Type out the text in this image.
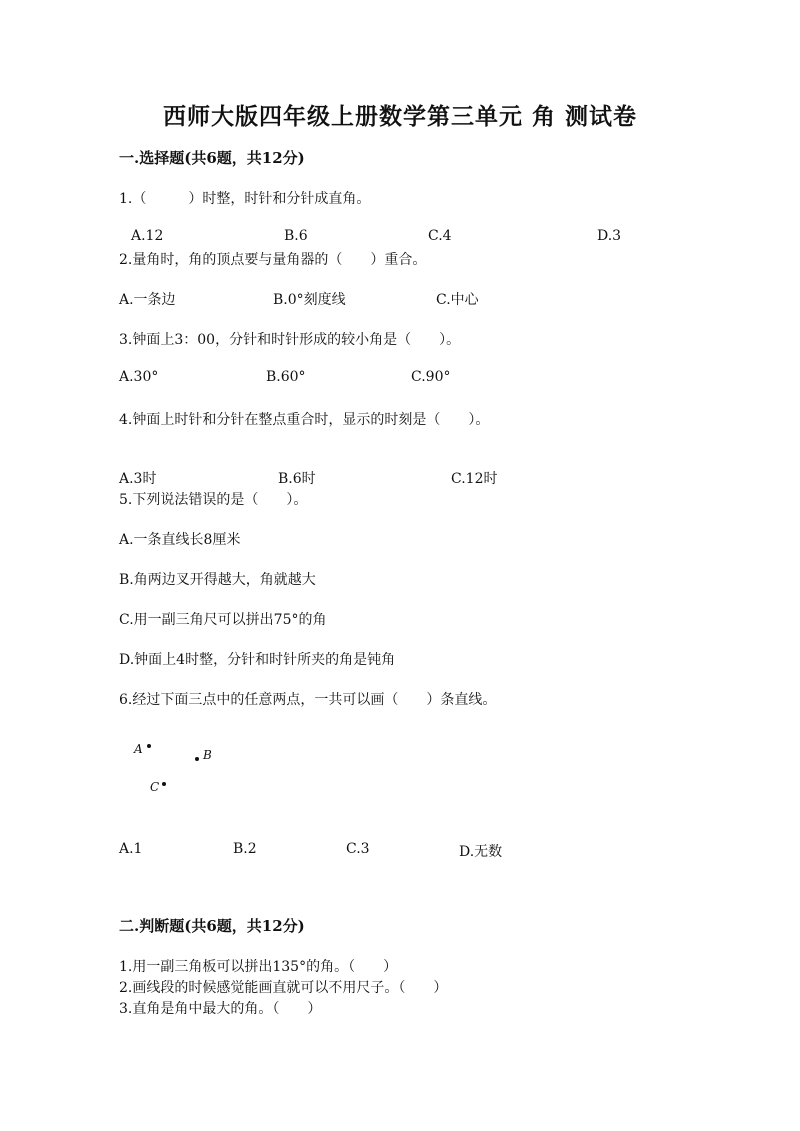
西师大版四年级上册数学第三单元 角 测试卷
一.选择题(共6题，共12分)
1.（　　　）时整，时针和分针成直角。
A.12	B.6	C.4	D.3
2.量角时，角的顶点要与量角器的（　　）重合。
A.一条边	B.0°刻度线	C.中心
3.钟面上3：00，分针和时针形成的较小角是（　　）。
A.30°	B.60°	C.90°
4.钟面上时针和分针在整点重合时，显示的时刻是（　　）。
A.3时	B.6时	C.12时
5.下列说法错误的是（　　）。
A.一条直线长8厘米
B.角两边叉开得越大，角就越大
C.用一副三角尺可以拼出75°的角
D.钟面上4时整，分针和时针所夹的角是钝角
6.经过下面三点中的任意两点，一共可以画（　　）条直线。
A	B
C
A.1	B.2	C.3	D.无数
二.判断题(共6题，共12分)
1.用一副三角板可以拼出135°的角。（　　）
2.画线段的时候感觉能画直就可以不用尺子。（　　）
3.直角是角中最大的角。（　　）
